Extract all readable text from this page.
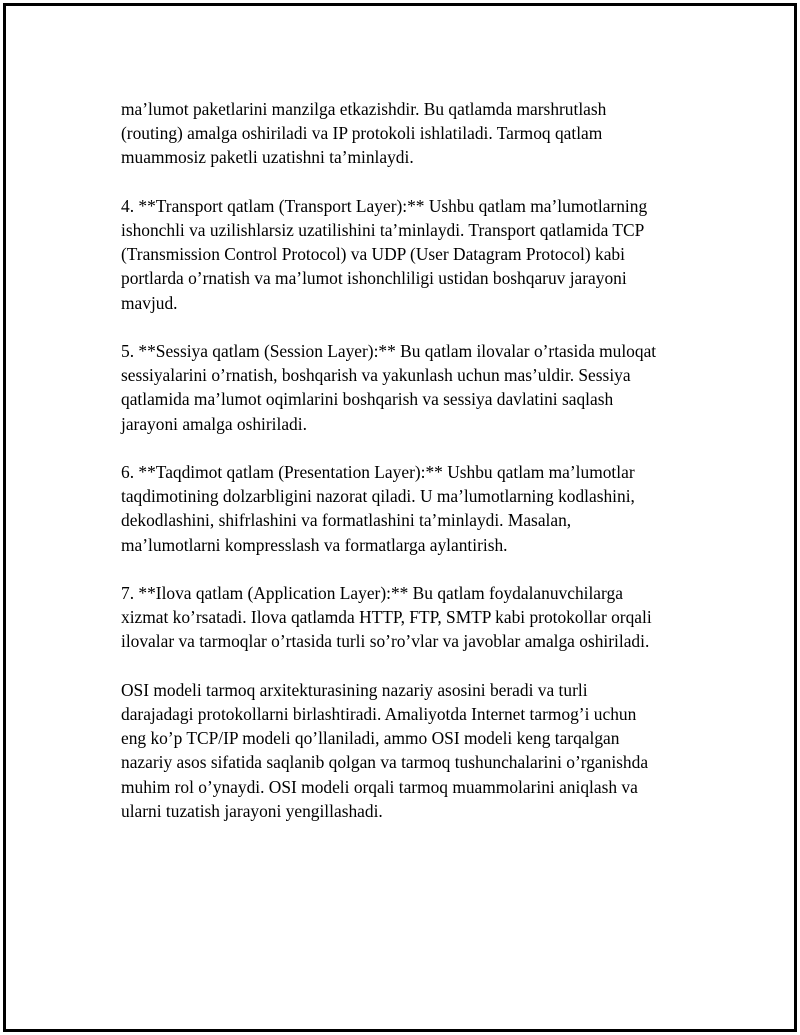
ma’lumot paketlarini manzilga etkazishdir. Bu qatlamda marshrutlash
(routing) amalga oshiriladi va IP protokoli ishlatiladi. Tarmoq qatlam
muammosiz paketli uzatishni ta’minlaydi.
4. **Transport qatlam (Transport Layer):** Ushbu qatlam ma’lumotlarning
ishonchli va uzilishlarsiz uzatilishini ta’minlaydi. Transport qatlamida TCP
(Transmission Control Protocol) va UDP (User Datagram Protocol) kabi
portlarda o’rnatish va ma’lumot ishonchliligi ustidan boshqaruv jarayoni
mavjud.
5. **Sessiya qatlam (Session Layer):** Bu qatlam ilovalar o’rtasida muloqat
sessiyalarini o’rnatish, boshqarish va yakunlash uchun mas’uldir. Sessiya
qatlamida ma’lumot oqimlarini boshqarish va sessiya davlatini saqlash
jarayoni amalga oshiriladi.
6. **Taqdimot qatlam (Presentation Layer):** Ushbu qatlam ma’lumotlar
taqdimotining dolzarbligini nazorat qiladi. U ma’lumotlarning kodlashini,
dekodlashini, shifrlashini va formatlashini ta’minlaydi. Masalan,
ma’lumotlarni kompresslash va formatlarga aylantirish.
7. **Ilova qatlam (Application Layer):** Bu qatlam foydalanuvchilarga
xizmat ko’rsatadi. Ilova qatlamda HTTP, FTP, SMTP kabi protokollar orqali
ilovalar va tarmoqlar o’rtasida turli so’ro’vlar va javoblar amalga oshiriladi.
OSI modeli tarmoq arxitekturasining nazariy asosini beradi va turli
darajadagi protokollarni birlashtiradi. Amaliyotda Internet tarmog’i uchun
eng ko’p TCP/IP modeli qo’llaniladi, ammo OSI modeli keng tarqalgan
nazariy asos sifatida saqlanib qolgan va tarmoq tushunchalarini o’rganishda
muhim rol o’ynaydi. OSI modeli orqali tarmoq muammolarini aniqlash va
ularni tuzatish jarayoni yengillashadi.
